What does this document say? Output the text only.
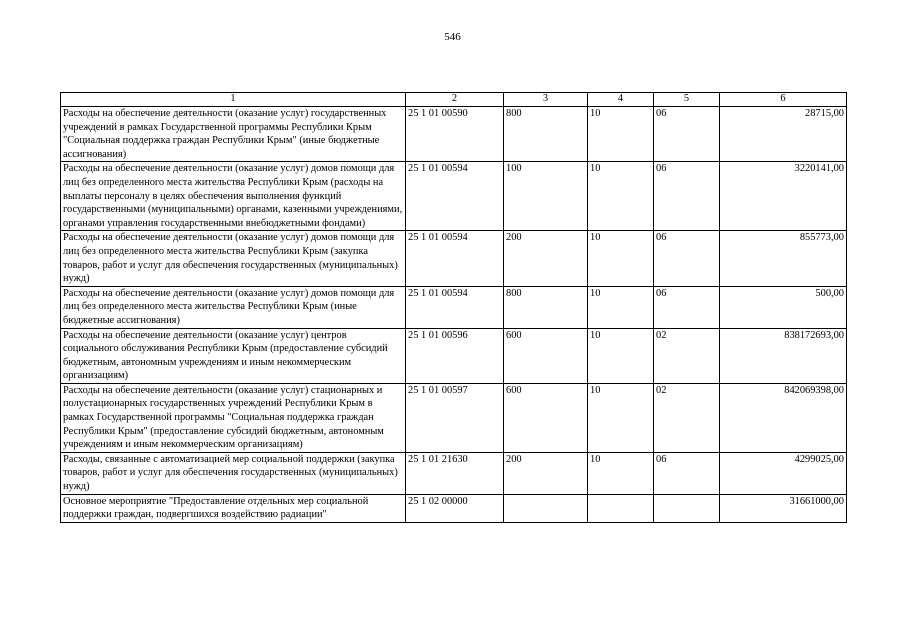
546
1	2	3	4	5	6
Расходы на обеспечение деятельности (оказание услуг) государственных учреждений в рамках Государственной программы Республики Крым "Социальная поддержка граждан Республики Крым" (иные бюджетные ассигнования)	25 1 01 00590	800	10	06	28715,00
Расходы на обеспечение деятельности (оказание услуг) домов помощи для лиц без определенного места жительства Республики Крым (расходы на выплаты персоналу в целях обеспечения выполнения функций государственными (муниципальными) органами, казенными учреждениями, органами управления государственными внебюджетными фондами)	25 1 01 00594	100	10	06	3220141,00
Расходы на обеспечение деятельности (оказание услуг) домов помощи для лиц без определенного места жительства Республики Крым (закупка товаров, работ и услуг для обеспечения государственных (муниципальных) нужд)	25 1 01 00594	200	10	06	855773,00
Расходы на обеспечение деятельности (оказание услуг) домов помощи для лиц без определенного места жительства Республики Крым (иные бюджетные ассигнования)	25 1 01 00594	800	10	06	500,00
Расходы на обеспечение деятельности (оказание услуг) центров социального обслуживания Республики Крым (предоставление субсидий бюджетным, автономным учреждениям и иным некоммерческим организациям)	25 1 01 00596	600	10	02	838172693,00
Расходы на обеспечение деятельности (оказание услуг) стационарных и полустационарных государственных учреждений Республики Крым в рамках Государственной программы "Социальная поддержка граждан Республики Крым" (предоставление субсидий бюджетным, автономным учреждениям и иным некоммерческим организациям)	25 1 01 00597	600	10	02	842069398,00
Расходы, связанные с автоматизацией мер социальной поддержки (закупка товаров, работ и услуг для обеспечения государственных (муниципальных) нужд)	25 1 01 21630	200	10	06	4299025,00
Основное мероприятие "Предоставление отдельных мер социальной поддержки граждан, подвергшихся воздействию радиации"	25 1 02 00000				31661000,00
